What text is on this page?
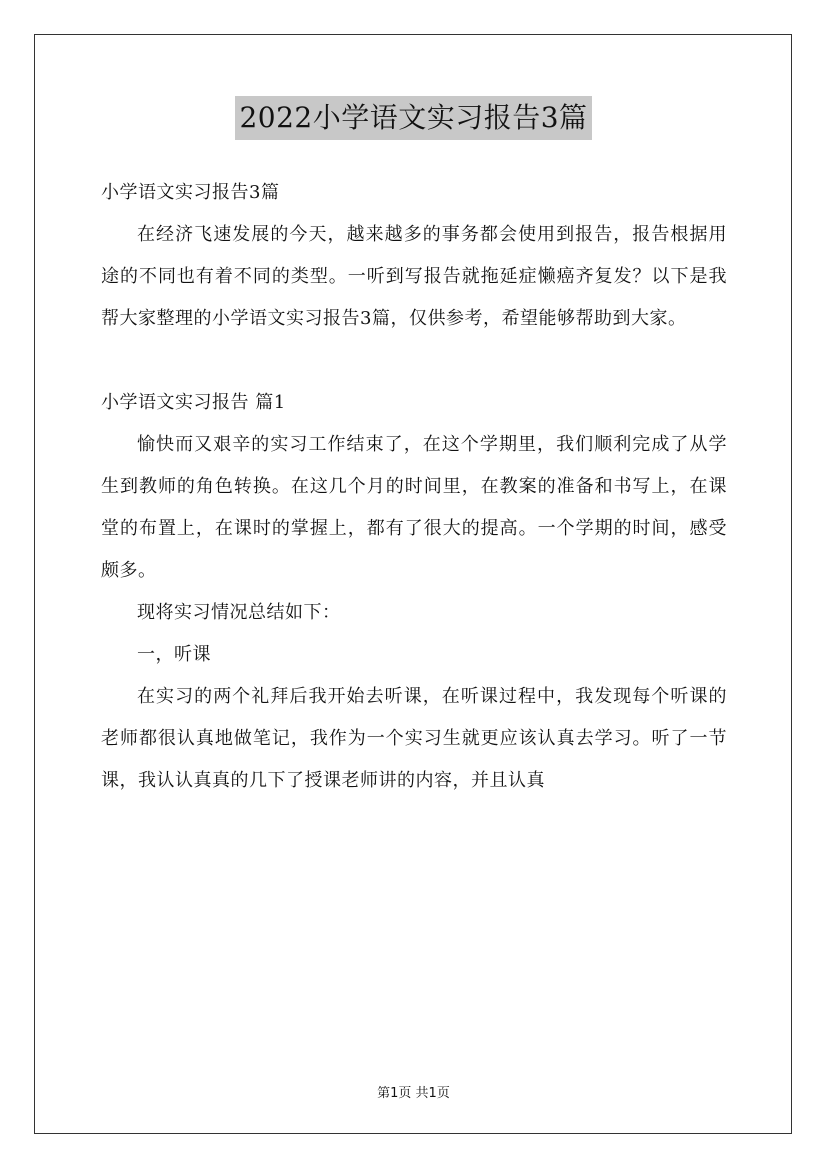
2022小学语文实习报告3篇

小学语文实习报告3篇

在经济飞速发展的今天，越来越多的事务都会使用到报告，报告根据用途的不同也有着不同的类型。一听到写报告就拖延症懒癌齐复发？以下是我帮大家整理的小学语文实习报告3篇，仅供参考，希望能够帮助到大家。

小学语文实习报告 篇1

愉快而又艰辛的实习工作结束了，在这个学期里，我们顺利完成了从学生到教师的角色转换。在这几个月的时间里，在教案的准备和书写上，在课堂的布置上，在课时的掌握上，都有了很大的提高。一个学期的时间，感受颇多。

现将实习情况总结如下：

一，听课

在实习的两个礼拜后我开始去听课，在听课过程中，我发现每个听课的老师都很认真地做笔记，我作为一个实习生就更应该认真去学习。听了一节课，我认认真真的几下了授课老师讲的内容，并且认真

第1页 共1页
